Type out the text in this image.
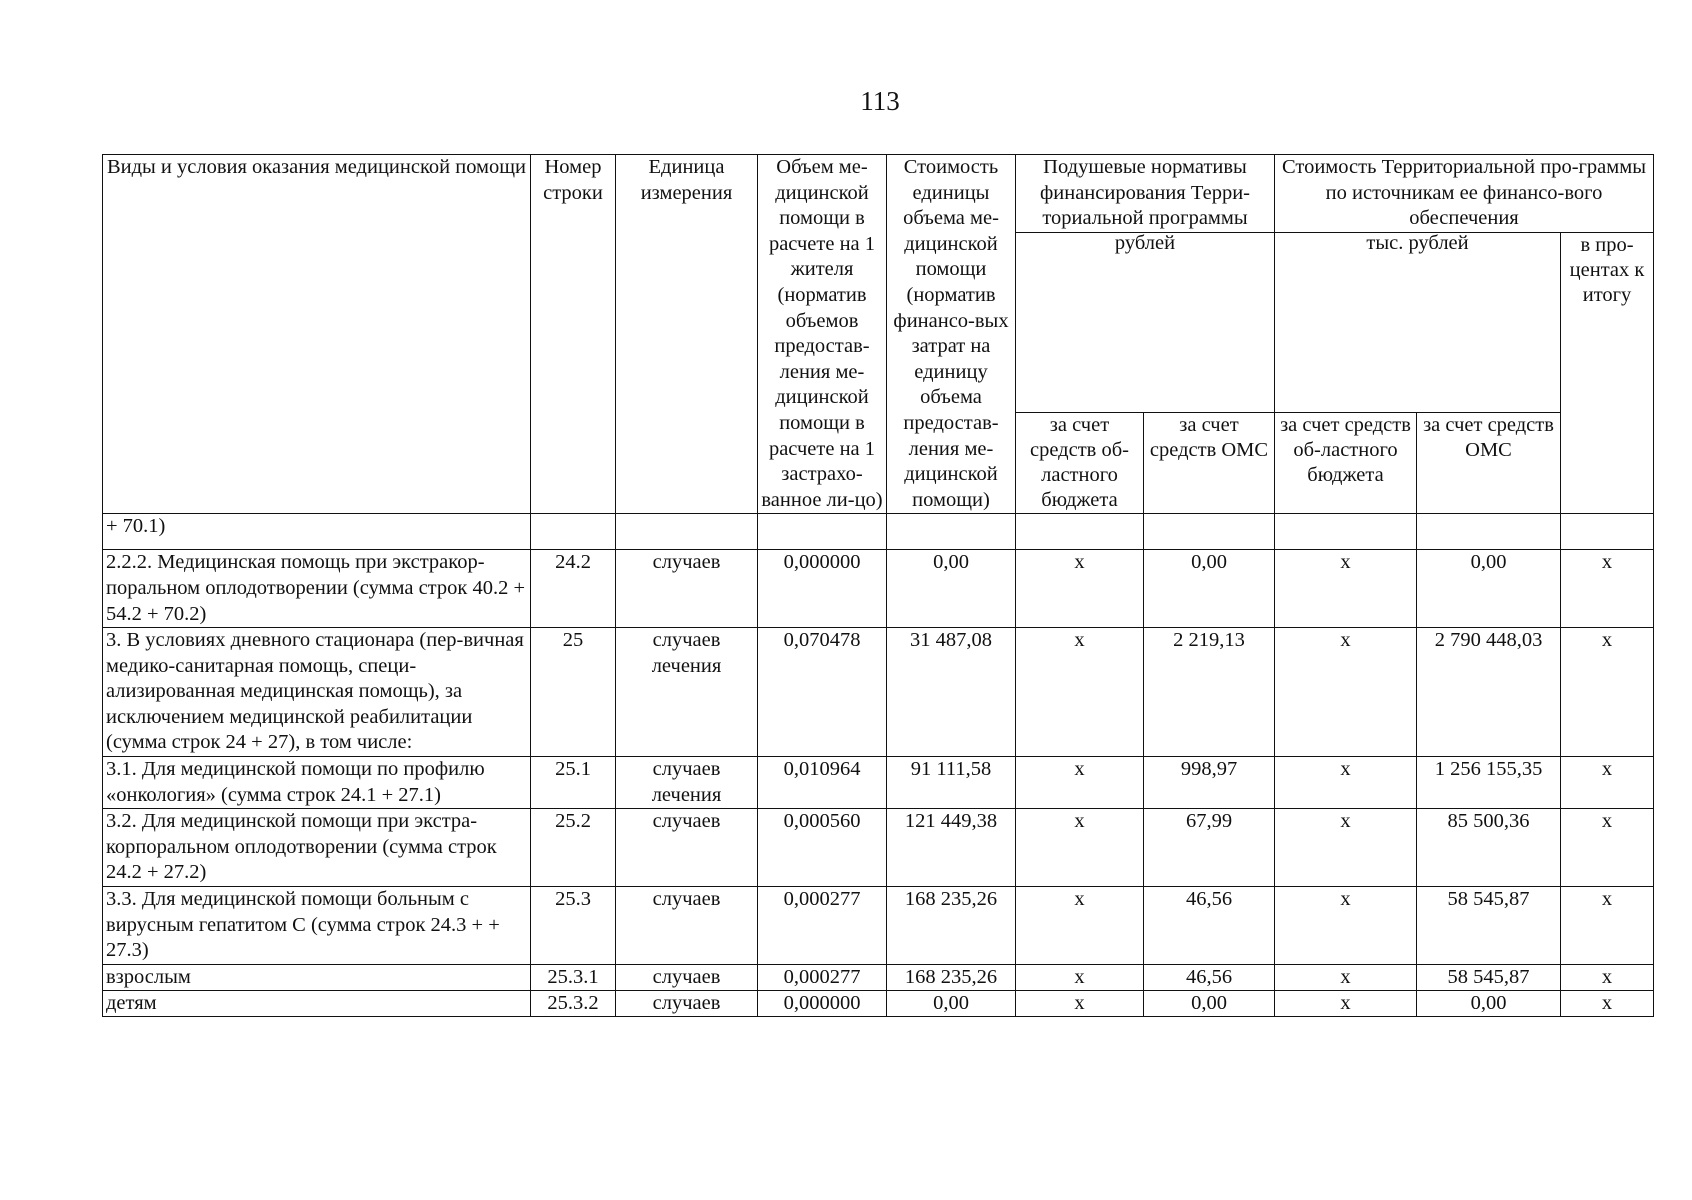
113
Виды и условия оказания медицинской помощи	Номер строки	Единица измерения	Объем ме-дицинской помощи в расчете на 1 жителя (норматив объемов предостав-ления ме-дицинской помощи в расчете на 1 застрахо-ванное ли-цо)	Стоимость единицы объема ме-дицинской помощи (норматив финансо-вых затрат на единицу объема предостав-ления ме-дицинской помощи)	Подушевые нормативы финансирования Терри-ториальной программы		Стоимость Территориальной про-граммы по источникам ее финансо-вого обеспечения		
					рублей		тыс. рублей		в про-центах к итогу
					за счет средств об-ластного бюджета	за счет средств ОМС	за счет средств об-ластного бюджета	за счет средств ОМС	
+ 70.1)									
2.2.2. Медицинская помощь при экстракор-поральном оплодотворении (сумма строк 40.2 + 54.2 + 70.2)	24.2	случаев	0,000000	0,00	х	0,00	х	0,00	х
3. В условиях дневного стационара (пер-вичная медико-санитарная помощь, специ-ализированная медицинская помощь), за исключением медицинской реабилитации (сумма строк 24 + 27), в том числе:	25	случаев лечения	0,070478	31 487,08	х	2 219,13	х	2 790 448,03	х
3.1. Для медицинской помощи по профилю «онкология» (сумма строк 24.1 + 27.1)	25.1	случаев лечения	0,010964	91 111,58	х	998,97	х	1 256 155,35	х
3.2. Для медицинской помощи при экстра-корпоральном оплодотворении (сумма строк 24.2 + 27.2)	25.2	случаев	0,000560	121 449,38	х	67,99	х	85 500,36	х
3.3. Для медицинской помощи больным с вирусным гепатитом С (сумма строк 24.3 + + 27.3)	25.3	случаев	0,000277	168 235,26	х	46,56	х	58 545,87	х
взрослым	25.3.1	случаев	0,000277	168 235,26	х	46,56	х	58 545,87	х
детям	25.3.2	случаев	0,000000	0,00	х	0,00	х	0,00	х
